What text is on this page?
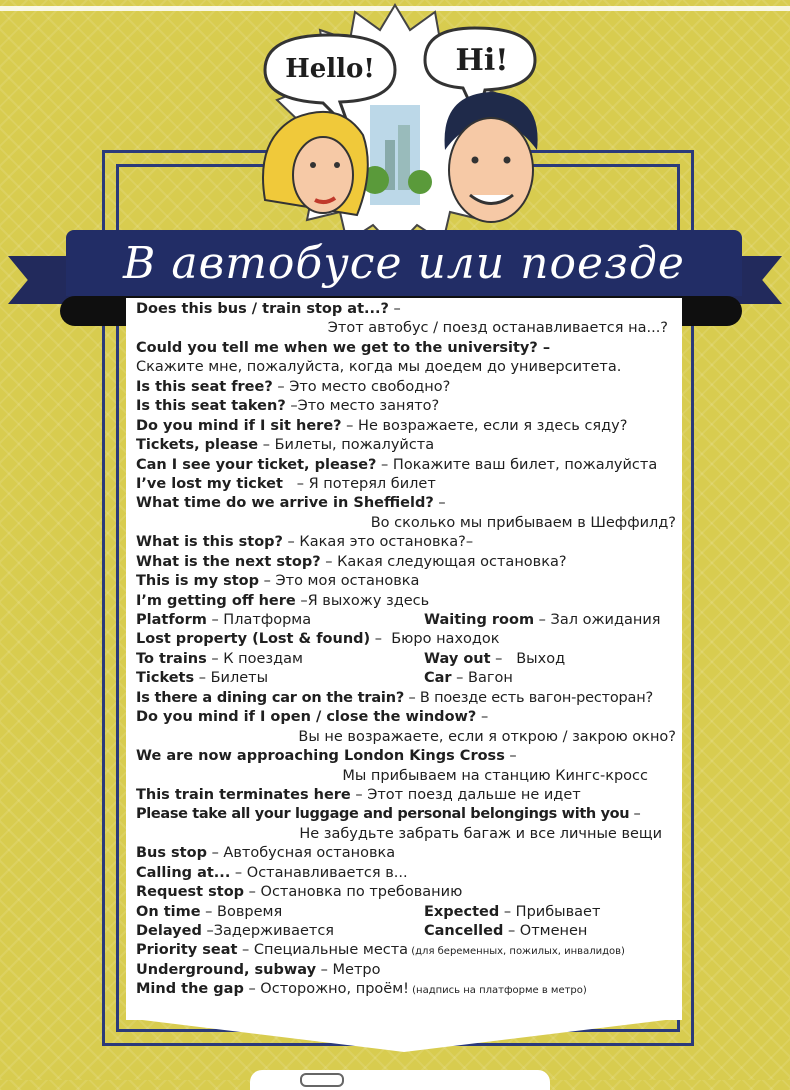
Hello!	Hi!
В автобусе или поезде
Does this bus / train stop at...? –
Этот автобус / поезд останавливается на...?
Could you tell me when we get to the university? –
Скажите мне, пожалуйста, когда мы доедем до университета.
Is this seat free? – Это место свободно?
Is this seat taken? –Это место занято?
Do you mind if I sit here? – Не возражаете, если я здесь сяду?
Tickets, please – Билеты, пожалуйста
Can I see your ticket, please? – Покажите ваш билет, пожалуйста
I’ve lost my ticket   – Я потерял билет
What time do we arrive in Sheffield? –
Во сколько мы прибываем в Шеффилд?
What is this stop? – Какая это остановка?–
What is the next stop? – Какая следующая остановка?
This is my stop – Это моя остановка
I’m getting off here –Я выхожу здесь
Platform – Платформа	Waiting room – Зал ожидания
Lost property (Lost & found) –  Бюро находок
To trains – К поездам	Way out –   Выход
Tickets – Билеты	Car – Вагон
Is there a dining car on the train? – В поезде есть вагон-ресторан?
Do you mind if I open / close the window? –
Вы не возражаете, если я открою / закрою окно?
We are now approaching London Kings Cross –
Мы прибываем на станцию Кингс-кросс
This train terminates here – Этот поезд дальше не идет
Please take all your luggage and personal belongings with you –
Не забудьте забрать багаж и все личные вещи
Bus stop – Автобусная остановка
Calling at... – Останавливается в...
Request stop – Остановка по требованию
On time – Вовремя	Expected – Прибывает
Delayed –Задерживается	Cancelled – Отменен
Priority seat – Специальные места (для беременных, пожилых, инвалидов)
Underground, subway – Метро
Mind the gap – Осторожно, проём! (надпись на платформе в метро)
